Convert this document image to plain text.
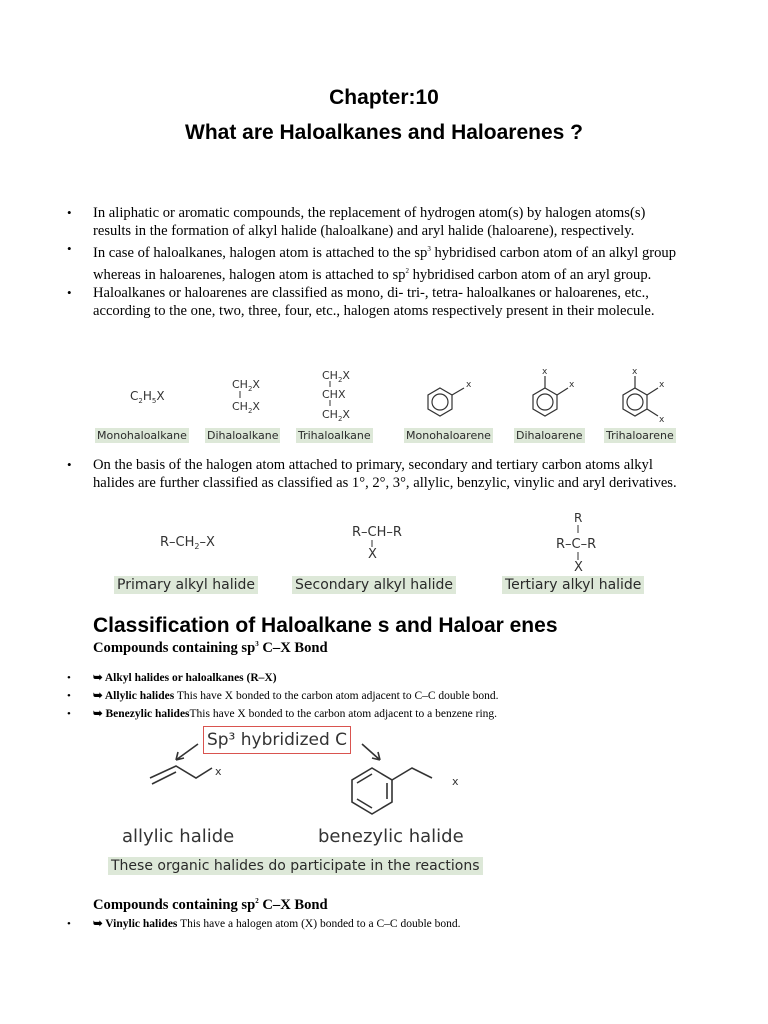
Chapter:10
What are Haloalkanes and Haloarenes ?
• In aliphatic or aromatic compounds, the replacement of hydrogen atom(s) by halogen atoms(s) results in the formation of alkyl halide (haloalkane) and aryl halide (haloarene), respectively.
• In case of haloalkanes, halogen atom is attached to the $sp^3$ hybridised carbon atom of an alkyl group whereas in haloarenes, halogen atom is attached to $sp^2$ hybridised carbon atom of an aryl group.
• Haloalkanes or haloarenes are classified as mono, di- tri-, tetra- haloalkanes or haloarenes, etc., according to the one, two, three, four, etc., halogen atoms respectively present in their molecule.
$C_2H_5X$
$CH_2X$
$CH_2X$
$CH_2X$
CHX
$CH_2X$
x
x
x
x
x
x
Monohaloalkane Dihaloalkane Trihaloalkane	Monohaloarene Dihaloarene Trihaloarene
• On the basis of the halogen atom attached to primary, secondary and tertiary carbon atoms alkyl halides are further classified as classified as 1°, 2°, 3°, allylic, benzylic, vinylic and aryl derivatives.
$R-CH_2-X$
R–CH–R
X
R
R–C–R
X
Primary alkyl halide	Secondary alkyl halide	Tertiary alkyl halide
Classification of Haloalkane s and Haloar enes
Compounds containing $sp^3$ C–X Bond
• ➥ Alkyl halides or haloalkanes (R–X)
• ➥ Allylic halides This have X bonded to the carbon atom adjacent to C–C double bond.
• ➥ Benezylic halidesThis have X bonded to the carbon atom adjacent to a benzene ring.
Sp³ hybridized C
x
x
allylic halide	benezylic halide
These organic halides do participate in the reactions
Compounds containing $sp^2$ C–X Bond
• ➥ Vinylic halides This have a halogen atom (X) bonded to a C–C double bond.
